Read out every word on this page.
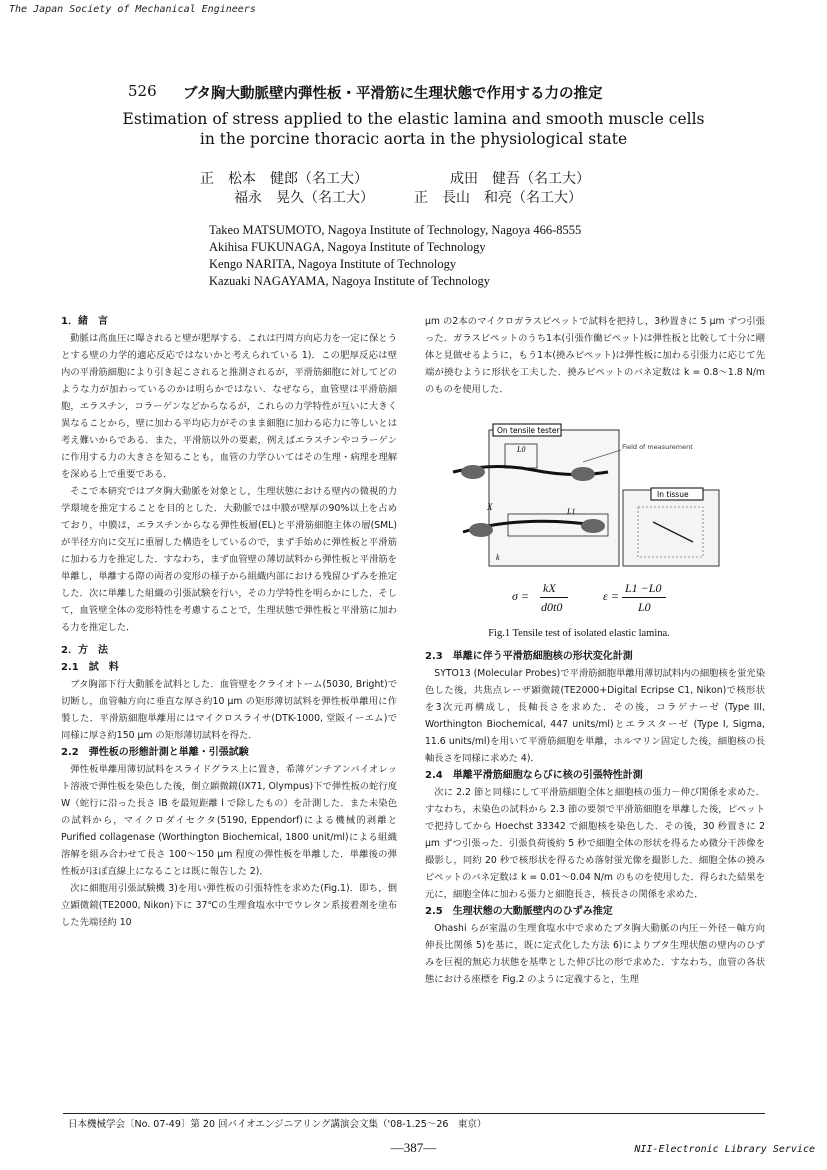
The Japan Society of Mechanical Engineers
526 ブタ胸大動脈壁内弾性板・平滑筋に生理状態で作用する力の推定
Estimation of stress applied to the elastic lamina and smooth muscle cells
in the porcine thoracic aorta in the physiological state
正　松本　健郎（名工大）	成田　健吾（名工大）
福永　晃久（名工大）	正　長山　和亮（名工大）
Takeo MATSUMOTO, Nagoya Institute of Technology, Nagoya 466-8555
Akihisa FUKUNAGA, Nagoya Institute of Technology
Kengo NARITA, Nagoya Institute of Technology
Kazuaki NAGAYAMA, Nagoya Institute of Technology

1．緒　言

動脈は高血圧に曝されると壁が肥厚する．これは円周方向応力を一定に保とうとする壁の力学的適応反応ではないかと考えられている 1)．この肥厚反応は壁内の平滑筋細胞により引き起こされると推測されるが，平滑筋細胞に対してどのような力が加わっているのかは明らかではない．なぜなら，血管壁は平滑筋細胞，エラスチン，コラーゲンなどからなるが，これらの力学特性が互いに大きく異なることから，壁に加わる平均応力がそのまま細胞に加わる応力に等しいとは考え難いからである．また，平滑筋以外の要素，例えばエラスチンやコラーゲンに作用する力の大きさを知ることも，血管の力学ひいてはその生理・病理を理解を深める上で重要である．

そこで本研究ではブタ胸大動脈を対象とし，生理状態における壁内の微視的力学環境を推定することを目的とした．大動脈では中膜が壁厚の90%以上を占めており，中膜は，エラスチンからなる弾性板層(EL)と平滑筋細胞主体の層(SML)が半径方向に交互に重層した構造をしているので，まず手始めに弾性板と平滑筋に加わる力を推定した．すなわち，まず血管壁の薄切試料から弾性板と平滑筋を単離し，単離する際の両者の変形の様子から組織内部における残留ひずみを推定した．次に単離した組織の引張試験を行い，その力学特性を明らかにした．そして，血管壁全体の変形特性を考慮することで，生理状態で弾性板と平滑筋に加わる力を推定した．

2．方　法

2.1　試　料

ブタ胸部下行大動脈を試料とした．血管壁をクライオトーム(5030, Bright)で切断し，血管軸方向に垂直な厚さ約10 μm の矩形薄切試料を弾性板単離用に作製した．平滑筋細胞単離用にはマイクロスライサ(DTK-1000, 堂阪イーエム)で同様に厚さ約150 μm の矩形薄切試料を得た．

2.2　弾性板の形態計測と単離・引張試験

弾性板単離用薄切試料をスライドグラス上に置き，希薄ゲンチアンバイオレット溶液で弾性板を染色した後，倒立顕微鏡(IX71, Olympus)下で弾性板の蛇行度 W（蛇行に沿った長さ lB を最短距離 l で除したもの）を計測した．また未染色の試料から，マイクロダイセクタ(5190, Eppendorf)による機械的剥離と Purified collagenase (Worthington Biochemical, 1800 unit/ml)による組織溶解を組み合わせて長さ 100～150 μm 程度の弾性板を単離した．単離後の弾性板がほぼ直線上になることは既に報告した 2)．

次に細胞用引張試験機 3)を用い弾性板の引張特性を求めた(Fig.1)．即ち，倒立顕微鏡(TE2000, Nikon)下に 37℃の生理食塩水中でウレタン系接着剤を塗布した先端径約 10

μm の2本のマイクロガラスピペットで試料を把持し，3秒置きに 5 μm ずつ引張った．ガラスピペットのうち1本(引張作働ピペット)は弾性板と比較して十分に剛体と見做せるように，もう1本(撓みピペット)は弾性板に加わる引張力に応じて先端が撓むように形状を工夫した．撓みピペットのバネ定数は k = 0.8～1.8 N/m のものを使用した．

On tensile tester
Field of measurement
In tissue
L0
L1
X
k
σ =
kX
d0t0
ε =
L1 −L0
L0
Fig.1 Tensile test of isolated elastic lamina.

2.3　単離に伴う平滑筋細胞核の形状変化計測

SYTO13 (Molecular Probes)で平滑筋細胞単離用薄切試料内の細胞核を蛍光染色した後，共焦点レーザ顕微鏡(TE2000+Digital Ecripse C1, Nikon)で核形状を3次元再構成し，長軸長さを求めた．その後，コラゲナーゼ (Type III, Worthington Biochemical, 447 units/ml)とエラスターゼ (Type I, Sigma, 11.6 units/ml)を用いて平滑筋細胞を単離，ホルマリン固定した後，細胞核の長軸長さを同様に求めた 4)．

2.4　単離平滑筋細胞ならびに核の引張特性計測

次に 2.2 節と同様にして平滑筋細胞全体と細胞核の張力－伸び関係を求めた．すなわち，未染色の試料から 2.3 節の要領で平滑筋細胞を単離した後，ピペットで把持してから Hoechst 33342 で細胞核を染色した．その後，30 秒置きに 2 μm ずつ引張った．引張負荷後約 5 秒で細胞全体の形状を得るため微分干渉像を撮影し，同約 20 秒で核形状を得るため落射蛍光像を撮影した．細胞全体の撓みピペットのバネ定数は k = 0.01～0.04 N/m のものを使用した．得られた結果を元に，細胞全体に加わる張力と細胞長さ，核長さの関係を求めた．

2.5　生理状態の大動脈壁内のひずみ推定

Ohashi らが室温の生理食塩水中で求めたブタ胸大動脈の内圧－外径－軸方向伸長比関係 5)を基に，既に定式化した方法 6)によりブタ生理状態の壁内のひずみを巨視的無応力状態を基準とした伸び比の形で求めた．すなわち，血管の各状態における座標を Fig.2 のように定義すると，生理

日本機械学会〔No. 07-49〕第 20 回バイオエンジニアリング講演会文集（'08-1.25～26　東京）
—387—	NII-Electronic Library Service
